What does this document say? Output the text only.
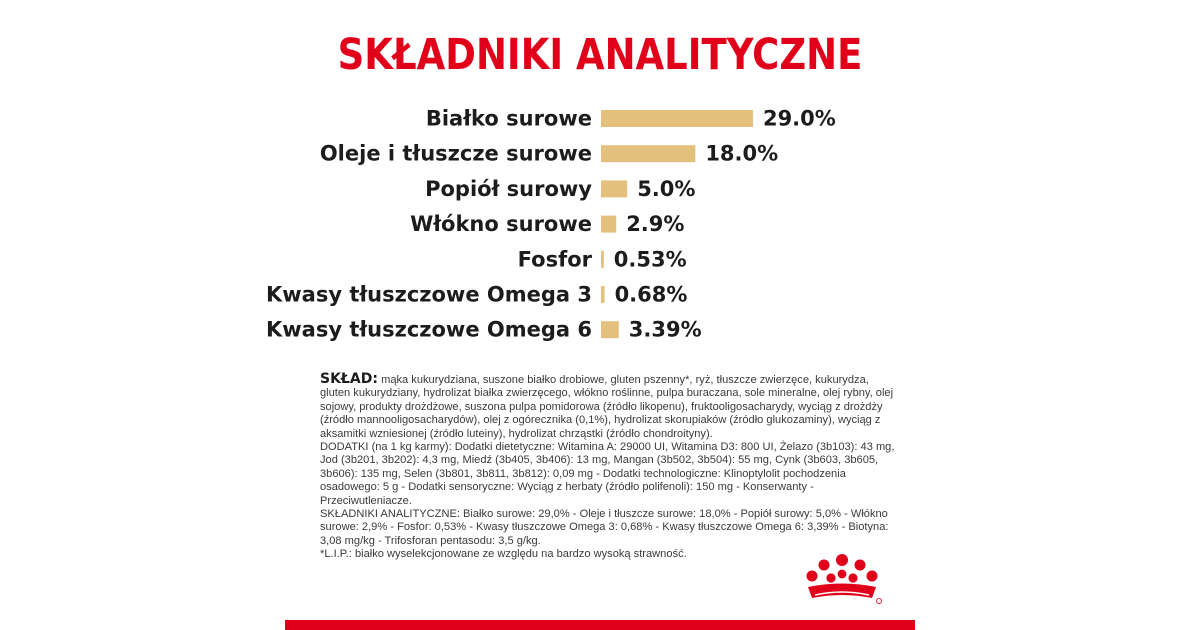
SKŁADNIKI ANALITYCZNE
Białko surowe	29.0%
Oleje i tłuszcze surowe	18.0%
Popiół surowy 5.0%
Włókno surowe 2.9%
Fosfor 0.53%
Kwasy tłuszczowe Omega 3 0.68%
Kwasy tłuszczowe Omega 6 3.39%

SKŁAD: mąka kukurydziana, suszone białko drobiowe, gluten pszenny*, ryż, tłuszcze zwierzęce, kukurydza, gluten kukurydziany, hydrolizat białka zwierzęcego, włókno roślinne, pulpa buraczana, sole mineralne, olej rybny, olej sojowy, produkty drożdżowe, suszona pulpa pomidorowa (źródło likopenu), fruktooligosacharydy, wyciąg z drożdży (źródło mannooligosacharydów), olej z ogórecznika (0,1%), hydrolizat skorupiaków (źródło glukozaminy), wyciąg z aksamitki wzniesionej (źródło luteiny), hydrolizat chrząstki (źródło chondroityny).

DODATKI (na 1 kg karmy): Dodatki dietetyczne: Witamina A: 29000 UI, Witamina D3: 800 UI, Żelazo (3b103): 43 mg, Jod (3b201, 3b202): 4,3 mg, Miedź (3b405, 3b406): 13 mg, Mangan (3b502, 3b504): 55 mg, Cynk (3b603, 3b605, 3b606): 135 mg, Selen (3b801, 3b811, 3b812): 0,09 mg - Dodatki technologiczne: Klinoptylolit pochodzenia osadowego: 5 g - Dodatki sensoryczne: Wyciąg z herbaty (źródło polifenoli): 150 mg - Konserwanty - Przeciwutleniacze.

SKŁADNIKI ANALITYCZNE: Białko surowe: 29,0% - Oleje i tłuszcze surowe: 18,0% - Popiół surowy: 5,0% - Włókno surowe: 2,9% - Fosfor: 0,53% - Kwasy tłuszczowe Omega 3: 0,68% - Kwasy tłuszczowe Omega 6: 3,39% - Biotyna: 3,08 mg/kg - Trifosforan pentasodu: 3,5 g/kg.

*L.I.P.: białko wyselekcjonowane ze względu na bardzo wysoką strawność.
